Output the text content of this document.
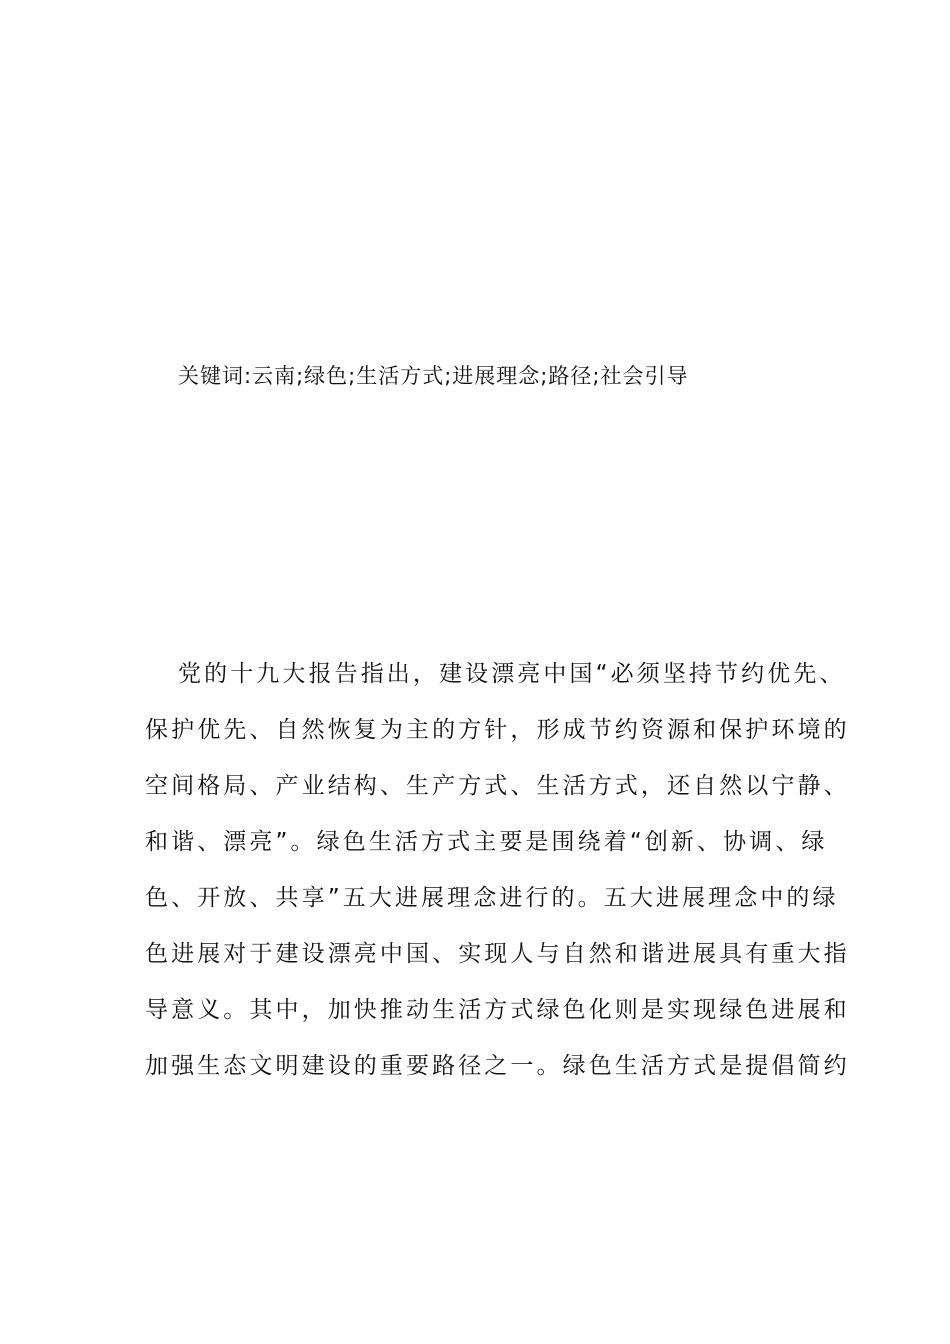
关键词:云南;绿色;生活方式;进展理念;路径;社会引导
党的十九大报告指出，建设漂亮中国“必须坚持节约优先、
保护优先、自然恢复为主的方针，形成节约资源和保护环境的
空间格局、产业结构、生产方式、生活方式，还自然以宁静、
和谐、漂亮”。绿色生活方式主要是围绕着“创新、协调、绿
色、开放、共享”五大进展理念进行的。五大进展理念中的绿
色进展对于建设漂亮中国、实现人与自然和谐进展具有重大指
导意义。其中，加快推动生活方式绿色化则是实现绿色进展和
加强生态文明建设的重要路径之一。绿色生活方式是提倡简约
